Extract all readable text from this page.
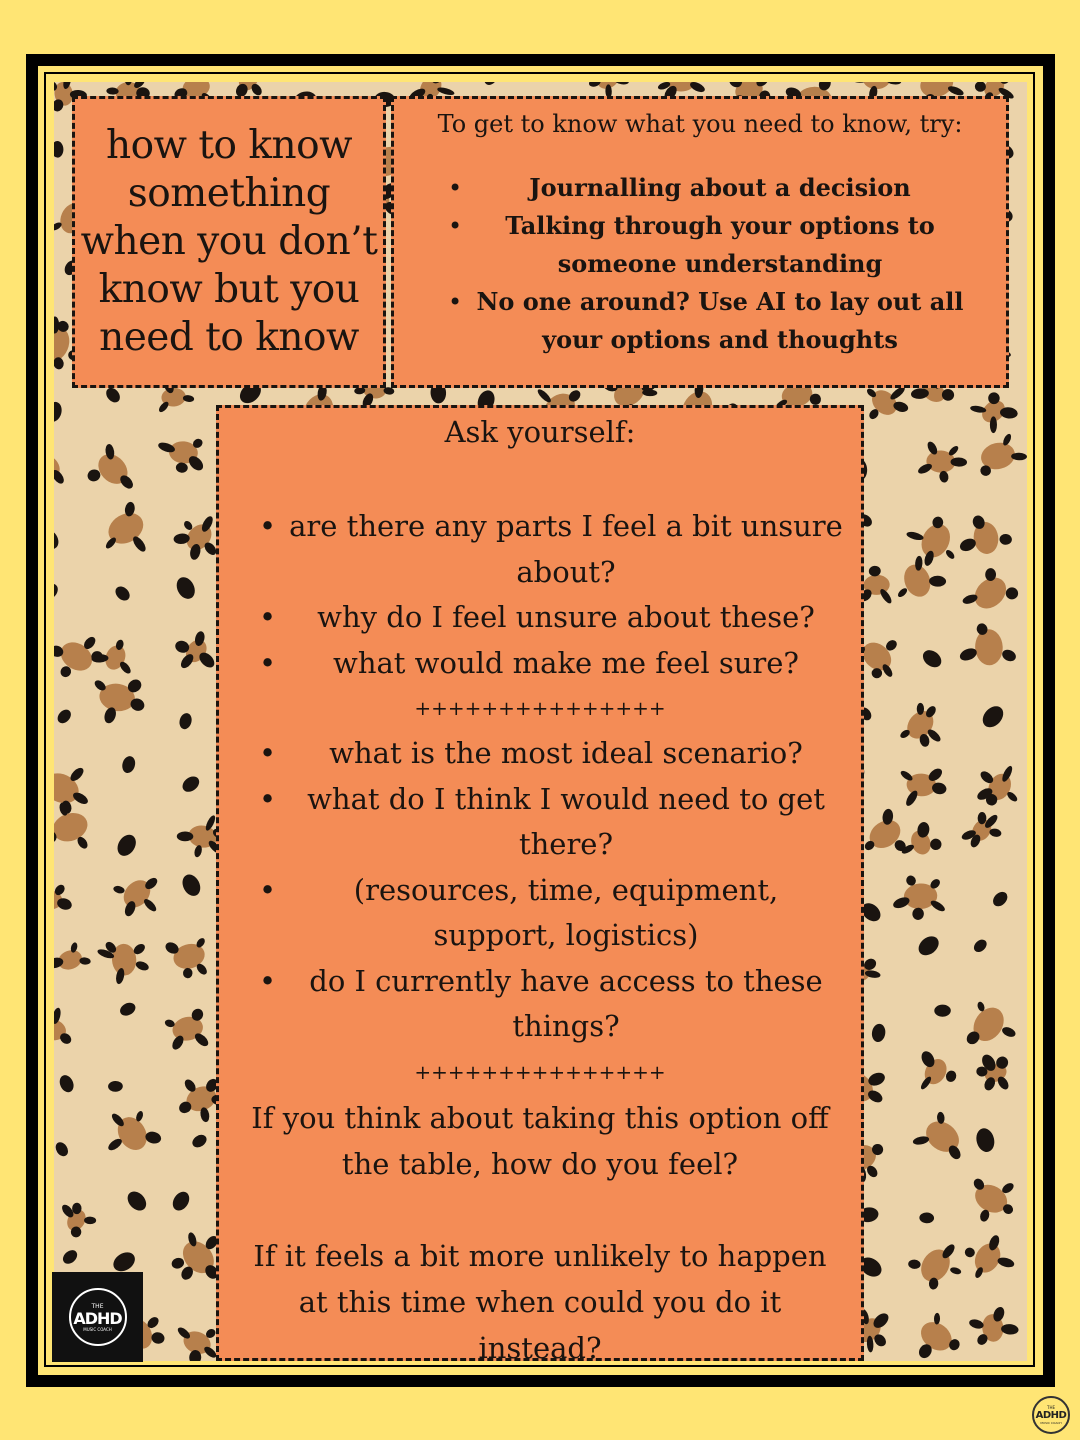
how to know something when you don’t know but you need to know

To get to know what you need to know, try:

• Journalling about a decision
• Talking through your options to someone understanding
• No one around? Use AI to lay out all your options and thoughts

Ask yourself:

• are there any parts I feel a bit unsure about?
• why do I feel unsure about these?
• what would make me feel sure?
+++++++++++++++
• what is the most ideal scenario?
• what do I think I would need to get there?
• (resources, time, equipment, support, logistics)
• do I currently have access to these things?
+++++++++++++++

If you think about taking this option off the table, how do you feel?

If it feels a bit more unlikely to happen at this time when could you do it instead?

THE
ADHD
MUSIC COACH
THE
ADHD
MUSIC COACH
